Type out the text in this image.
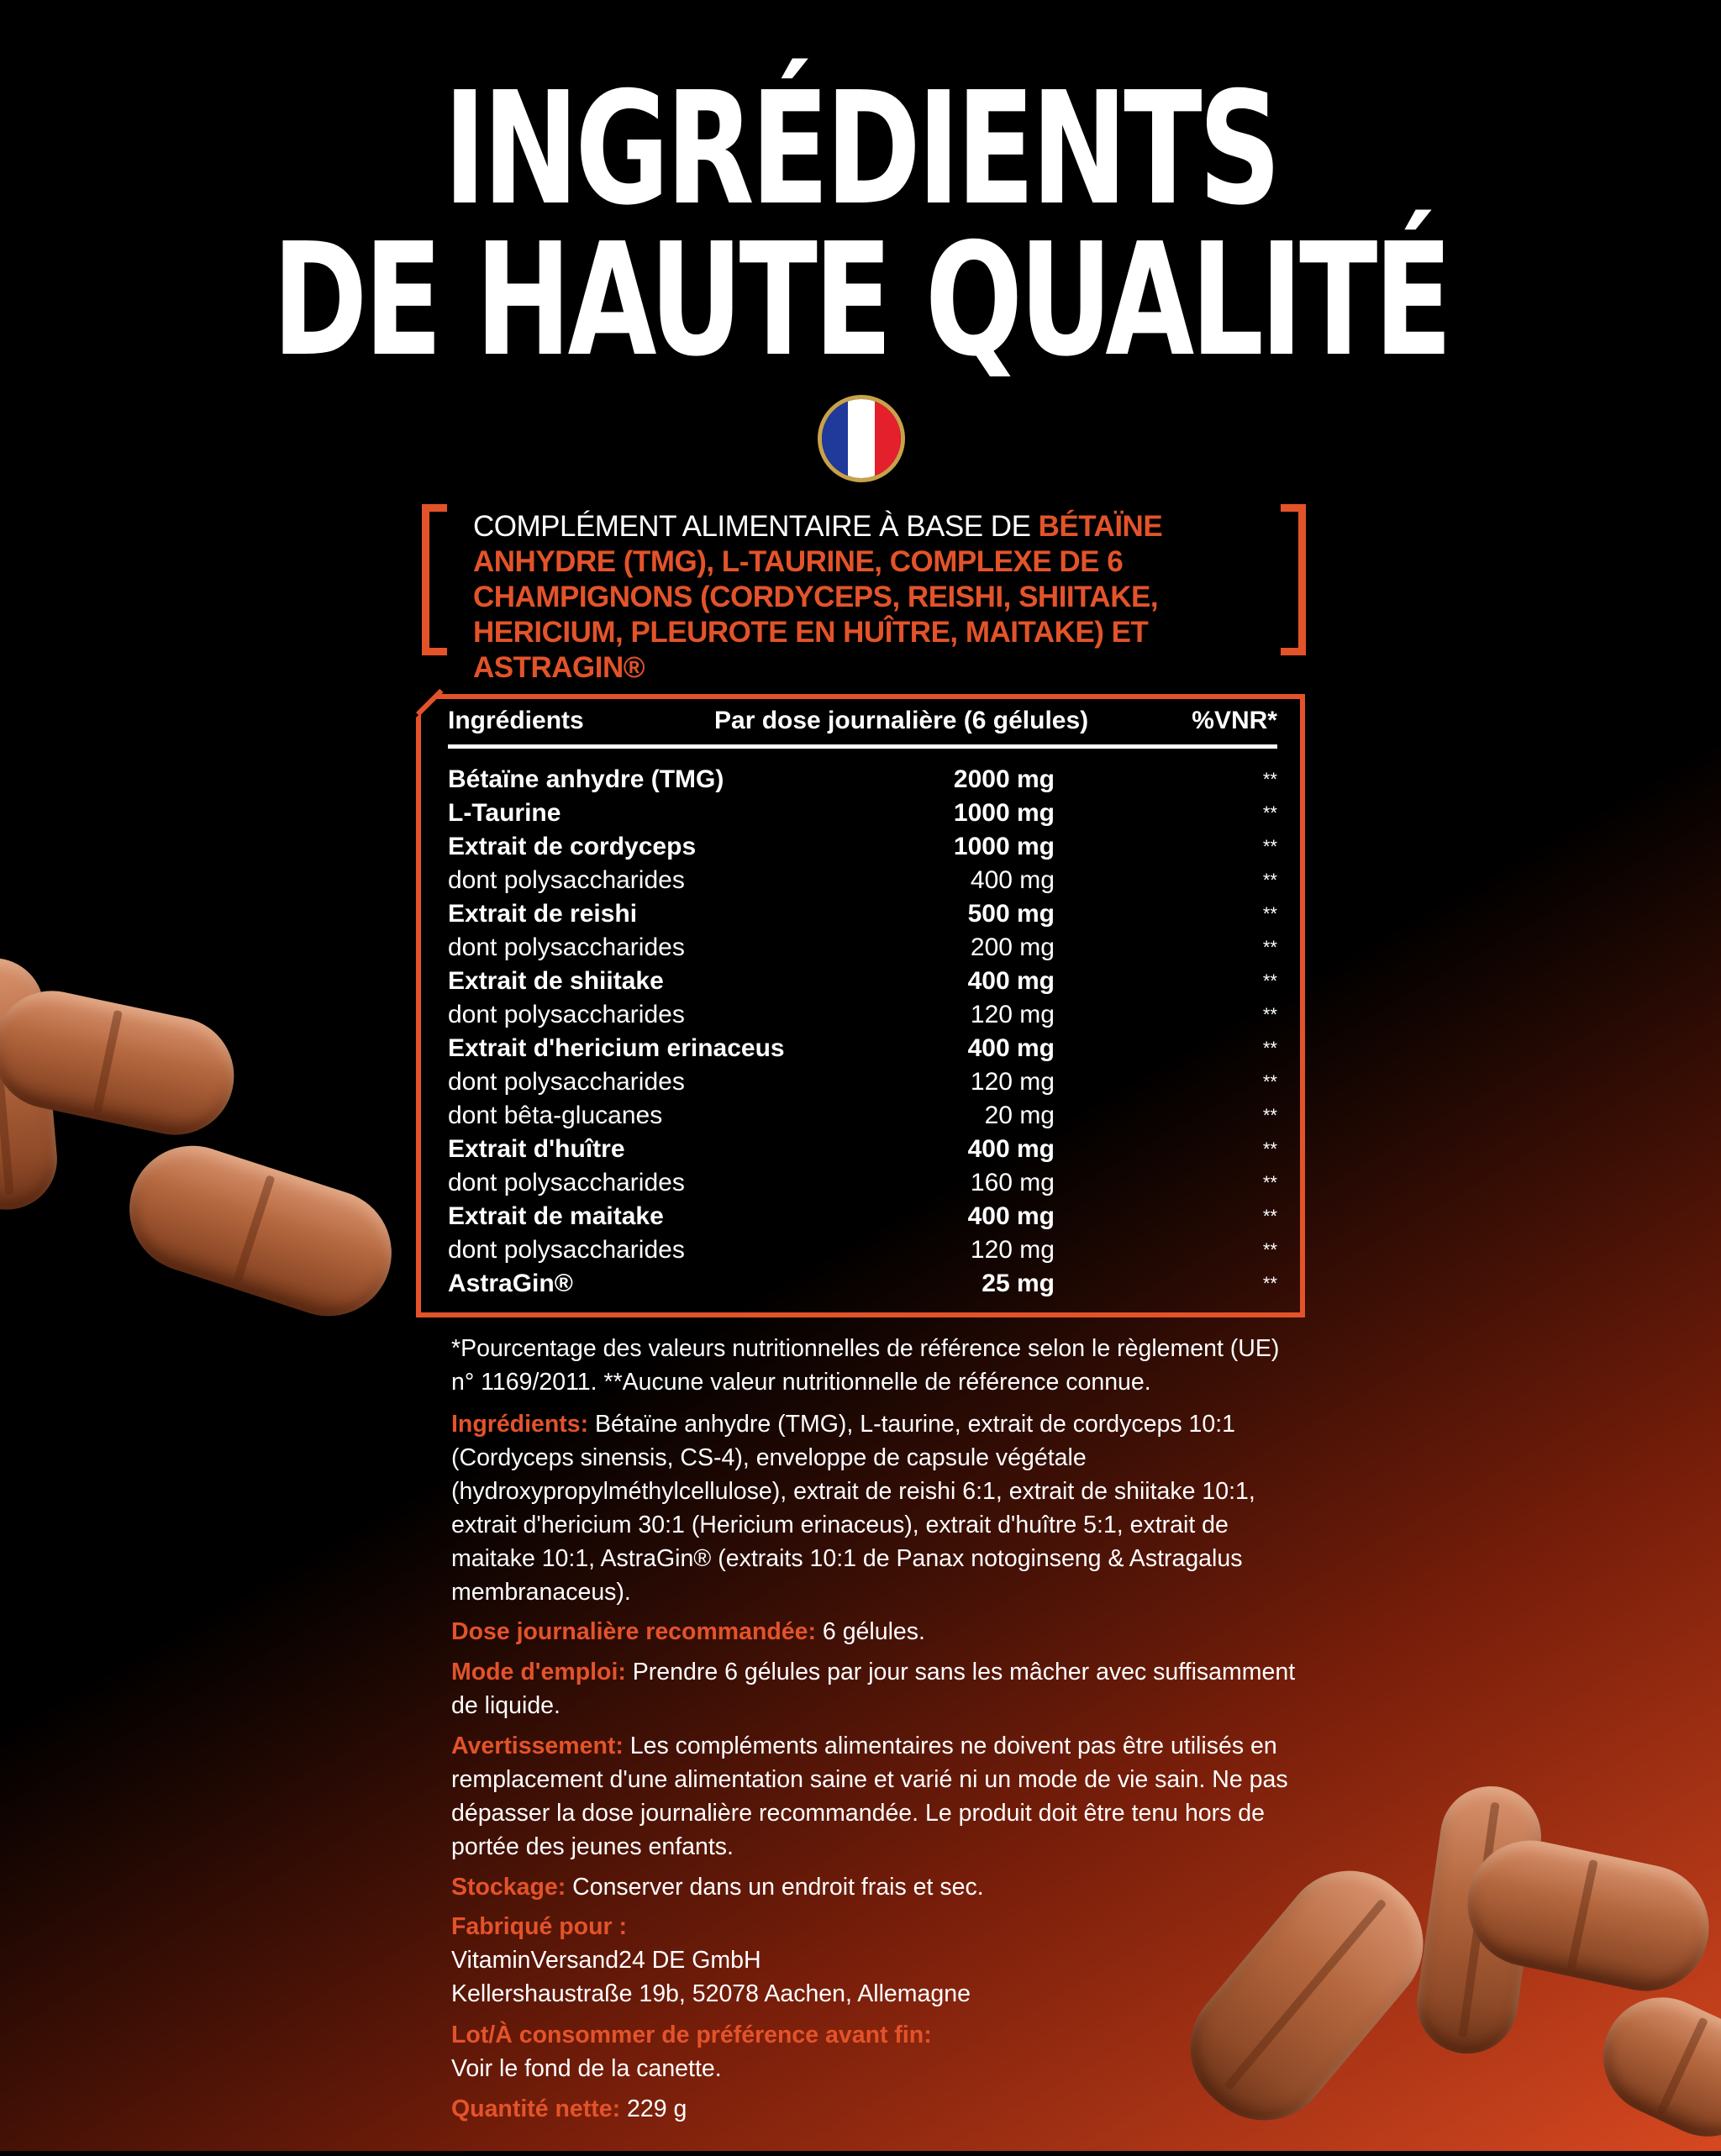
INGRÉDIENTS
DE HAUTE QUALITÉ
COMPLÉMENT ALIMENTAIRE À BASE DE BÉTAÏNE ANHYDRE (TMG), L-TAURINE, COMPLEXE DE 6 CHAMPIGNONS (CORDYCEPS, REISHI, SHIITAKE, HERICIUM, PLEUROTE EN HUÎTRE, MAITAKE) ET ASTRAGIN®
Ingrédients	Par dose journalière (6 gélules)	%VNR*
Bétaïne anhydre (TMG)	2000 mg	**
L-Taurine	1000 mg	**
Extrait de cordyceps	1000 mg	**
dont polysaccharides	400 mg	**
Extrait de reishi	500 mg	**
dont polysaccharides	200 mg	**
Extrait de shiitake	400 mg	**
dont polysaccharides	120 mg	**
Extrait d'hericium erinaceus	400 mg	**
dont polysaccharides	120 mg	**
dont bêta-glucanes	20 mg	**
Extrait d'huître	400 mg	**
dont polysaccharides	160 mg	**
Extrait de maitake	400 mg	**
dont polysaccharides	120 mg	**
AstraGin®	25 mg	**
*Pourcentage des valeurs nutritionnelles de référence selon le règlement (UE) n° 1169/2011. **Aucune valeur nutritionnelle de référence connue.
Ingrédients: Bétaïne anhydre (TMG), L-taurine, extrait de cordyceps 10:1 (Cordyceps sinensis, CS-4), enveloppe de capsule végétale (hydroxypropylméthylcellulose), extrait de reishi 6:1, extrait de shiitake 10:1, extrait d'hericium 30:1 (Hericium erinaceus), extrait d'huître 5:1, extrait de maitake 10:1, AstraGin® (extraits 10:1 de Panax notoginseng & Astragalus membranaceus).
Dose journalière recommandée: 6 gélules.
Mode d'emploi: Prendre 6 gélules par jour sans les mâcher avec suffisamment de liquide.
Avertissement: Les compléments alimentaires ne doivent pas être utilisés en remplacement d'une alimentation saine et varié ni un mode de vie sain. Ne pas dépasser la dose journalière recommandée. Le produit doit être tenu hors de portée des jeunes enfants.
Stockage: Conserver dans un endroit frais et sec.
Fabriqué pour :
VitaminVersand24 DE GmbH
Kellershaustraße 19b, 52078 Aachen, Allemagne
Lot/À consommer de préférence avant fin:
Voir le fond de la canette.
Quantité nette: 229 g
